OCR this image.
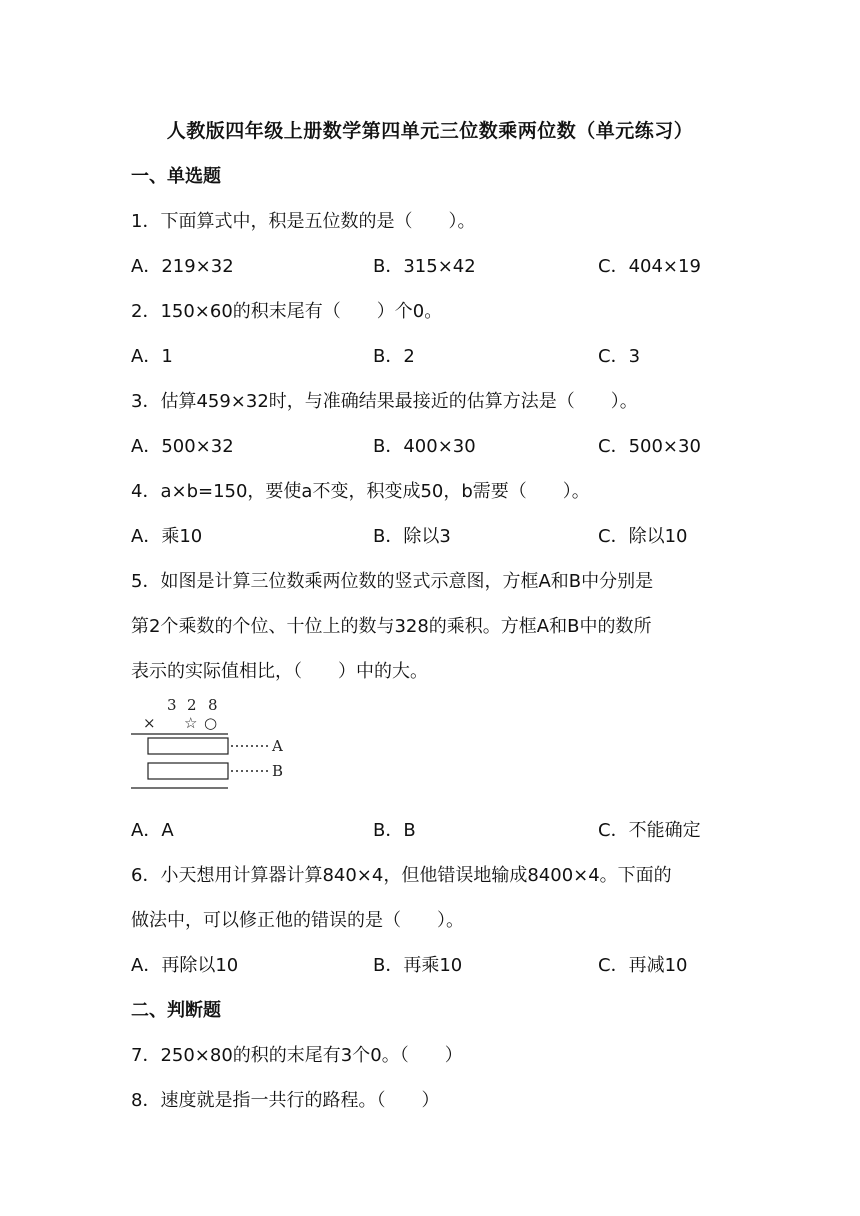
人教版四年级上册数学第四单元三位数乘两位数（单元练习）
一、单选题
1．下面算式中，积是五位数的是（　　）。
A．219×32	B．315×42	C．404×19
2．150×60的积末尾有（　　）个0。
A．1	B．2	C．3
3．估算459×32时，与准确结果最接近的估算方法是（　　）。
A．500×32	B．400×30	C．500×30
4．a×b=150，要使a不变，积变成50，b需要（　　）。
A．乘10	B．除以3	C．除以10
5．如图是计算三位数乘两位数的竖式示意图，方框A和B中分别是
第2个乘数的个位、十位上的数与328的乘积。方框A和B中的数所
表示的实际值相比，（　　）中的大。
3 2 8
× ☆ ○
A
B
A．A	B．B	C．不能确定
6．小天想用计算器计算840×4，但他错误地输成8400×4。下面的
做法中，可以修正他的错误的是（　　）。
A．再除以10	B．再乘10	C．再减10
二、判断题
7．250×80的积的末尾有3个0。（　　）
8．速度就是指一共行的路程。（　　）
